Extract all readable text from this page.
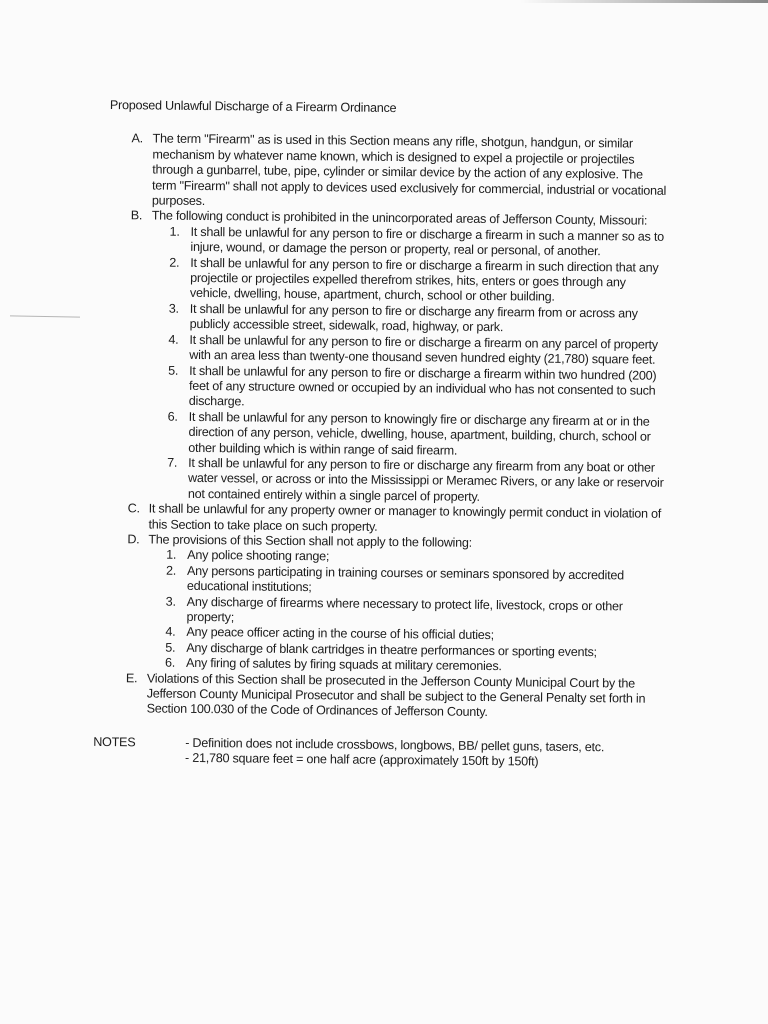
Proposed Unlawful Discharge of a Firearm Ordinance
A. The term "Firearm" as is used in this Section means any rifle, shotgun, handgun, or similar mechanism by whatever name known, which is designed to expel a projectile or projectiles through a gunbarrel, tube, pipe, cylinder or similar device by the action of any explosive. The term "Firearm" shall not apply to devices used exclusively for commercial, industrial or vocational purposes.
B. The following conduct is prohibited in the unincorporated areas of Jefferson County, Missouri:
1. It shall be unlawful for any person to fire or discharge a firearm in such a manner so as to injure, wound, or damage the person or property, real or personal, of another.
2. It shall be unlawful for any person to fire or discharge a firearm in such direction that any projectile or projectiles expelled therefrom strikes, hits, enters or goes through any vehicle, dwelling, house, apartment, church, school or other building.
3. It shall be unlawful for any person to fire or discharge any firearm from or across any publicly accessible street, sidewalk, road, highway, or park.
4. It shall be unlawful for any person to fire or discharge a firearm on any parcel of property with an area less than twenty-one thousand seven hundred eighty (21,780) square feet.
5. It shall be unlawful for any person to fire or discharge a firearm within two hundred (200) feet of any structure owned or occupied by an individual who has not consented to such discharge.
6. It shall be unlawful for any person to knowingly fire or discharge any firearm at or in the direction of any person, vehicle, dwelling, house, apartment, building, church, school or other building which is within range of said firearm.
7. It shall be unlawful for any person to fire or discharge any firearm from any boat or other water vessel, or across or into the Mississippi or Meramec Rivers, or any lake or reservoir not contained entirely within a single parcel of property.
C. It shall be unlawful for any property owner or manager to knowingly permit conduct in violation of this Section to take place on such property.
D. The provisions of this Section shall not apply to the following:
1. Any police shooting range;
2. Any persons participating in training courses or seminars sponsored by accredited educational institutions;
3. Any discharge of firearms where necessary to protect life, livestock, crops or other property;
4. Any peace officer acting in the course of his official duties;
5. Any discharge of blank cartridges in theatre performances or sporting events;
6. Any firing of salutes by firing squads at military ceremonies.
E. Violations of this Section shall be prosecuted in the Jefferson County Municipal Court by the Jefferson County Municipal Prosecutor and shall be subject to the General Penalty set forth in Section 100.030 of the Code of Ordinances of Jefferson County.
NOTES	- Definition does not include crossbows, longbows, BB/ pellet guns, tasers, etc.
- 21,780 square feet = one half acre (approximately 150ft by 150ft)
